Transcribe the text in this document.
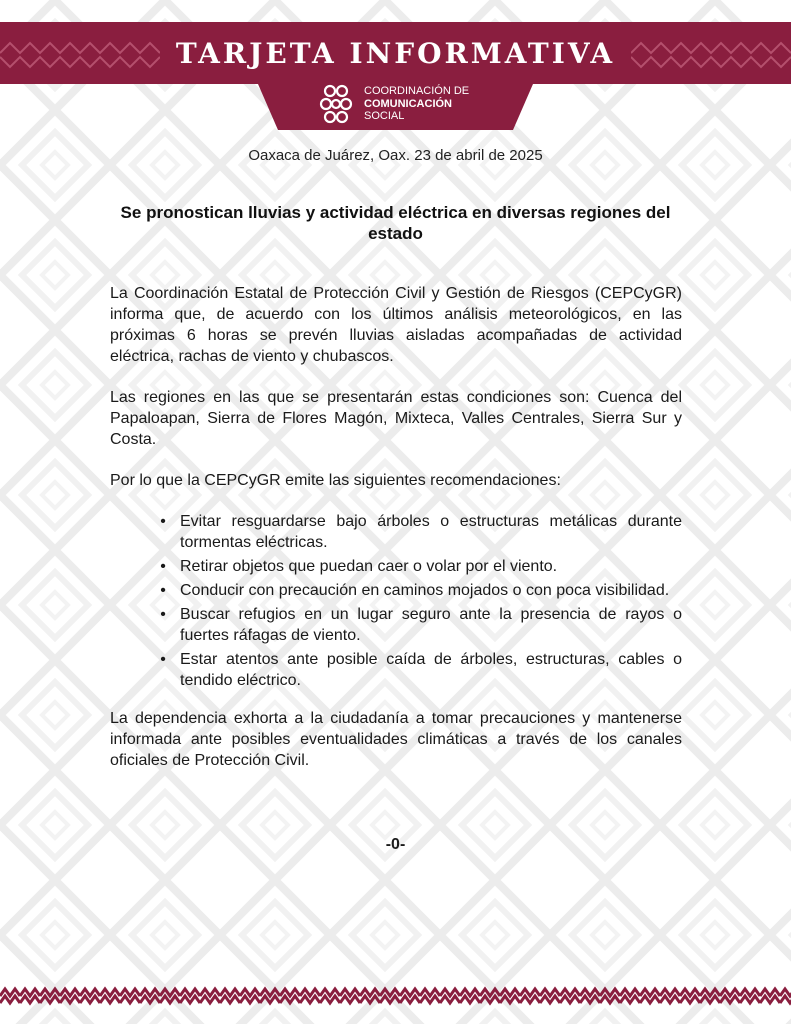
TARJETA INFORMATIVA
COORDINACIÓN DE
COMUNICACIÓN
SOCIAL
Oaxaca de Juárez, Oax. 23 de abril de 2025
Se pronostican lluvias y actividad eléctrica en diversas regiones del estado

La Coordinación Estatal de Protección Civil y Gestión de Riesgos (CEPCyGR) informa que, de acuerdo con los últimos análisis meteorológicos, en las próximas 6 horas se prevén lluvias aisladas acompañadas de actividad eléctrica, rachas de viento y chubascos.

Las regiones en las que se presentarán estas condiciones son: Cuenca del Papaloapan, Sierra de Flores Magón, Mixteca, Valles Centrales, Sierra Sur y Costa.

Por lo que la CEPCyGR emite las siguientes recomendaciones:

• Evitar resguardarse bajo árboles o estructuras metálicas durante tormentas eléctricas.
• Retirar objetos que puedan caer o volar por el viento.
• Conducir con precaución en caminos mojados o con poca visibilidad.
• Buscar refugios en un lugar seguro ante la presencia de rayos o fuertes ráfagas de viento.
• Estar atentos ante posible caída de árboles, estructuras, cables o tendido eléctrico.

La dependencia exhorta a la ciudadanía a tomar precauciones y mantenerse informada ante posibles eventualidades climáticas a través de los canales oficiales de Protección Civil.

-0-
